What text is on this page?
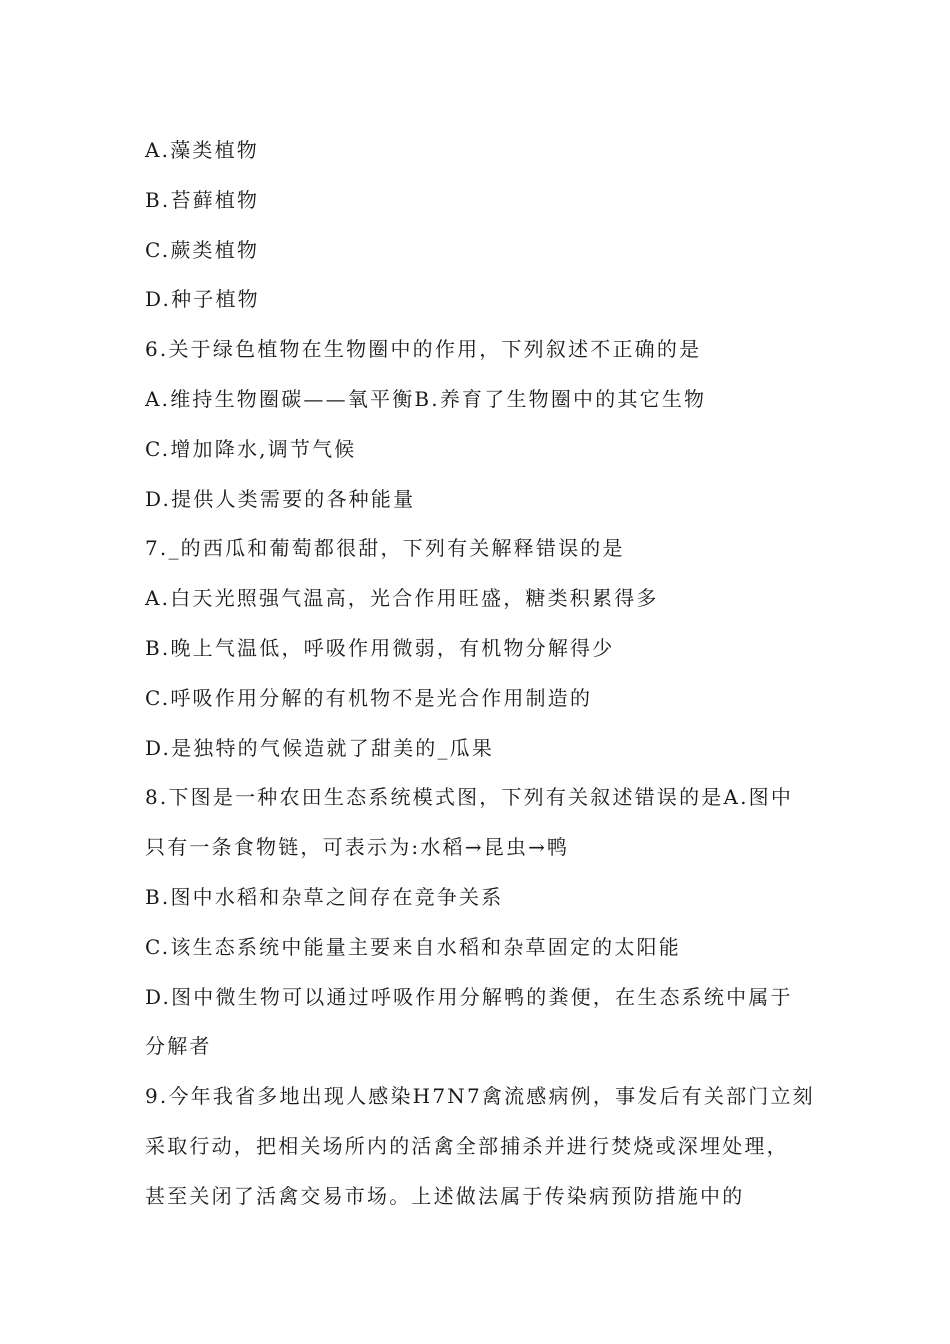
A.藻类植物
B.苔藓植物
C.蕨类植物
D.种子植物
6.关于绿色植物在生物圈中的作用，下列叙述不正确的是
A.维持生物圈碳——氧平衡B.养育了生物圈中的其它生物
C.增加降水,调节气候
D.提供人类需要的各种能量
7._的西瓜和葡萄都很甜，下列有关解释错误的是
A.白天光照强气温高，光合作用旺盛，糖类积累得多
B.晚上气温低，呼吸作用微弱，有机物分解得少
C.呼吸作用分解的有机物不是光合作用制造的
D.是独特的气候造就了甜美的_瓜果
8.下图是一种农田生态系统模式图，下列有关叙述错误的是A.图中
只有一条食物链，可表示为:水稻→昆虫→鸭
B.图中水稻和杂草之间存在竞争关系
C.该生态系统中能量主要来自水稻和杂草固定的太阳能
D.图中微生物可以通过呼吸作用分解鸭的粪便，在生态系统中属于
分解者
9.今年我省多地出现人感染H7N7禽流感病例，事发后有关部门立刻
采取行动，把相关场所内的活禽全部捕杀并进行焚烧或深埋处理，
甚至关闭了活禽交易市场。上述做法属于传染病预防措施中的
